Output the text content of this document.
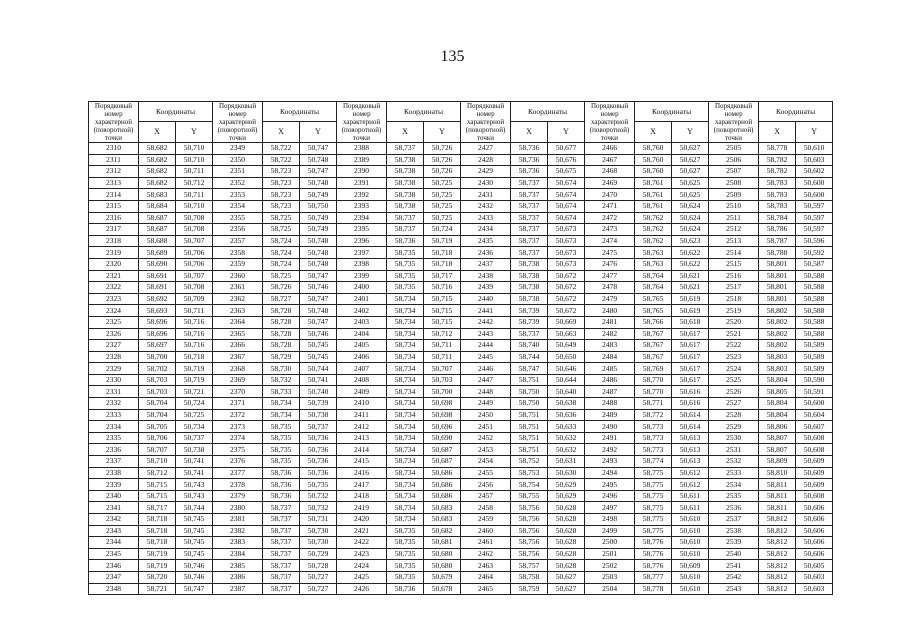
135
Порядковый номер характерной (поворотной) точки	Координаты		Порядковый номер характерной (поворотной) точки	Координаты		Порядковый номер характерной (поворотной) точки	Координаты		Порядковый номер характерной (поворотной) точки	Координаты		Порядковый номер характерной (поворотной) точки	Координаты		Порядковый номер характерной (поворотной) точки	Координаты	
	X	Y		X	Y		X	Y		X	Y		X	Y		X	Y
2310	58,682	50,710	2349	58,722	50,747	2388	58,737	50,726	2427	58,736	50,677	2466	58,760	50,627	2505	58,778	50,610
2311	58,682	50,710	2350	58,722	50,748	2389	58,738	50,726	2428	58,736	50,676	2467	58,760	50,627	2506	58,782	50,603
2312	58,682	50,711	2351	58,723	50,747	2390	58,738	50,726	2429	58,736	50,675	2468	58,760	50,627	2507	58,782	50,602
2313	58,682	50,712	2352	58,723	50,748	2391	58,738	50,725	2430	58,737	50,674	2469	58,761	50,625	2508	58,783	50,600
2314	58,683	50,711	2353	58,723	50,749	2392	58,738	50,725	2431	58,737	50,674	2470	58,761	50,625	2509	58,783	50,600
2315	58,684	50,710	2354	58,723	50,750	2393	58,738	50,725	2432	58,737	50,674	2471	58,761	50,624	2510	58,783	50,597
2316	58,687	50,708	2355	58,725	50,749	2394	58,737	50,725	2433	58,737	50,674	2472	58,762	50,624	2511	58,784	50,597
2317	58,687	50,708	2356	58,725	50,749	2395	58,737	50,724	2434	58,737	50,673	2473	58,762	50,624	2512	58,786	50,597
2318	58,688	50,707	2357	58,724	50,748	2396	58,736	50,719	2435	58,737	50,673	2474	58,762	50,623	2513	58,787	50,596
2319	58,689	50,706	2358	58,724	50,748	2397	58,735	50,718	2436	58,737	50,673	2475	58,763	50,622	2514	58,788	50,592
2320	58,690	50,706	2359	58,724	50,748	2398	58,735	50,718	2437	58,738	50,673	2476	58,763	50,622	2515	58,801	50,587
2321	58,691	50,707	2360	58,725	50,747	2399	58,735	50,717	2438	58,738	50,672	2477	58,764	50,621	2516	58,801	50,588
2322	58,691	50,708	2361	58,726	50,746	2400	58,735	50,716	2439	58,738	50,672	2478	58,764	50,621	2517	58,801	50,588
2323	58,692	50,709	2362	58,727	50,747	2401	58,734	50,715	2440	58,738	50,672	2479	58,765	50,619	2518	58,801	50,588
2324	58,693	50,711	2363	58,728	50,748	2402	58,734	50,715	2441	58,739	50,672	2480	58,765	50,619	2519	58,802	50,588
2325	58,696	50,716	2364	58,728	50,747	2403	58,734	50,715	2442	58,739	50,669	2481	58,766	50,618	2520	58,802	50,588
2326	58,696	50,716	2365	58,728	50,746	2404	58,734	50,712	2443	58,737	50,663	2482	58,767	50,617	2521	58,802	50,588
2327	58,697	50,716	2366	58,728	50,745	2405	58,734	50,711	2444	58,740	50,649	2483	58,767	50,617	2522	58,802	50,589
2328	58,700	50,718	2367	58,729	50,745	2406	58,734	50,711	2445	58,744	50,650	2484	58,767	50,617	2523	58,803	50,589
2329	58,702	50,719	2368	58,730	50,744	2407	58,734	50,707	2446	58,747	50,646	2485	58,769	50,617	2524	58,803	50,589
2330	58,703	50,719	2369	58,732	50,741	2408	58,734	50,703	2447	58,751	50,644	2486	58,770	50,617	2525	58,804	50,590
2331	58,703	50,721	2370	58,733	50,740	2409	58,734	50,700	2448	58,750	50,640	2487	58,770	50,616	2526	58,805	50,591
2332	58,704	50,724	2371	58,734	50,739	2410	58,734	50,698	2449	58,750	50,638	2488	58,771	50,616	2527	58,804	50,600
2333	58,704	50,725	2372	58,734	50,738	2411	58,734	50,698	2450	58,751	50,636	2489	58,772	50,614	2528	58,804	50,604
2334	58,705	50,734	2373	58,735	50,737	2412	58,734	50,696	2451	58,751	50,633	2490	58,773	50,614	2529	58,806	50,607
2335	58,706	50,737	2374	58,735	50,736	2413	58,734	50,690	2452	58,751	50,632	2491	58,773	50,613	2530	58,807	50,608
2336	58,707	50,738	2375	58,735	50,736	2414	58,734	50,687	2453	58,751	50,632	2492	58,773	50,613	2531	58,807	50,608
2337	58,710	50,741	2376	58,735	50,736	2415	58,734	50,687	2454	58,752	50,631	2493	58,774	50,613	2532	58,809	50,609
2338	58,712	50,741	2377	58,736	50,736	2416	58,734	50,686	2455	58,753	50,630	2494	58,775	50,612	2533	58,810	50,609
2339	58,715	50,743	2378	58,736	50,735	2417	58,734	50,686	2456	58,754	50,629	2495	58,775	50,612	2534	58,811	50,609
2340	58,715	50,743	2379	58,736	50,732	2418	58,734	50,686	2457	58,755	50,629	2496	58,775	50,611	2535	58,811	50,608
2341	58,717	50,744	2380	58,737	50,732	2419	58,734	50,683	2458	58,756	50,628	2497	58,775	50,611	2536	58,811	50,606
2342	58,718	50,745	2381	58,737	50,731	2420	58,734	50,683	2459	58,756	50,628	2498	58,775	50,610	2537	58,812	50,606
2343	58,718	50,745	2382	58,737	50,730	2421	58,735	50,682	2460	58,756	50,628	2499	58,775	50,610	2538	58,812	50,606
2344	58,718	50,745	2383	58,737	50,730	2422	58,735	50,681	2461	58,756	50,628	2500	58,776	50,610	2539	58,812	50,606
2345	58,719	50,745	2384	58,737	50,729	2423	58,735	50,680	2462	58,756	50,628	2501	58,776	50,610	2540	58,812	50,606
2346	58,719	50,746	2385	58,737	50,728	2424	58,735	50,680	2463	58,757	50,628	2502	58,776	50,609	2541	58,812	50,605
2347	58,720	50,746	2386	58,737	50,727	2425	58,735	50,679	2464	58,758	50,627	2503	58,777	50,610	2542	58,812	50,603
2348	58,721	50,747	2387	58,737	50,727	2426	58,736	50,678	2465	58,759	50,627	2504	58,778	50,610	2543	58,812	50,603
